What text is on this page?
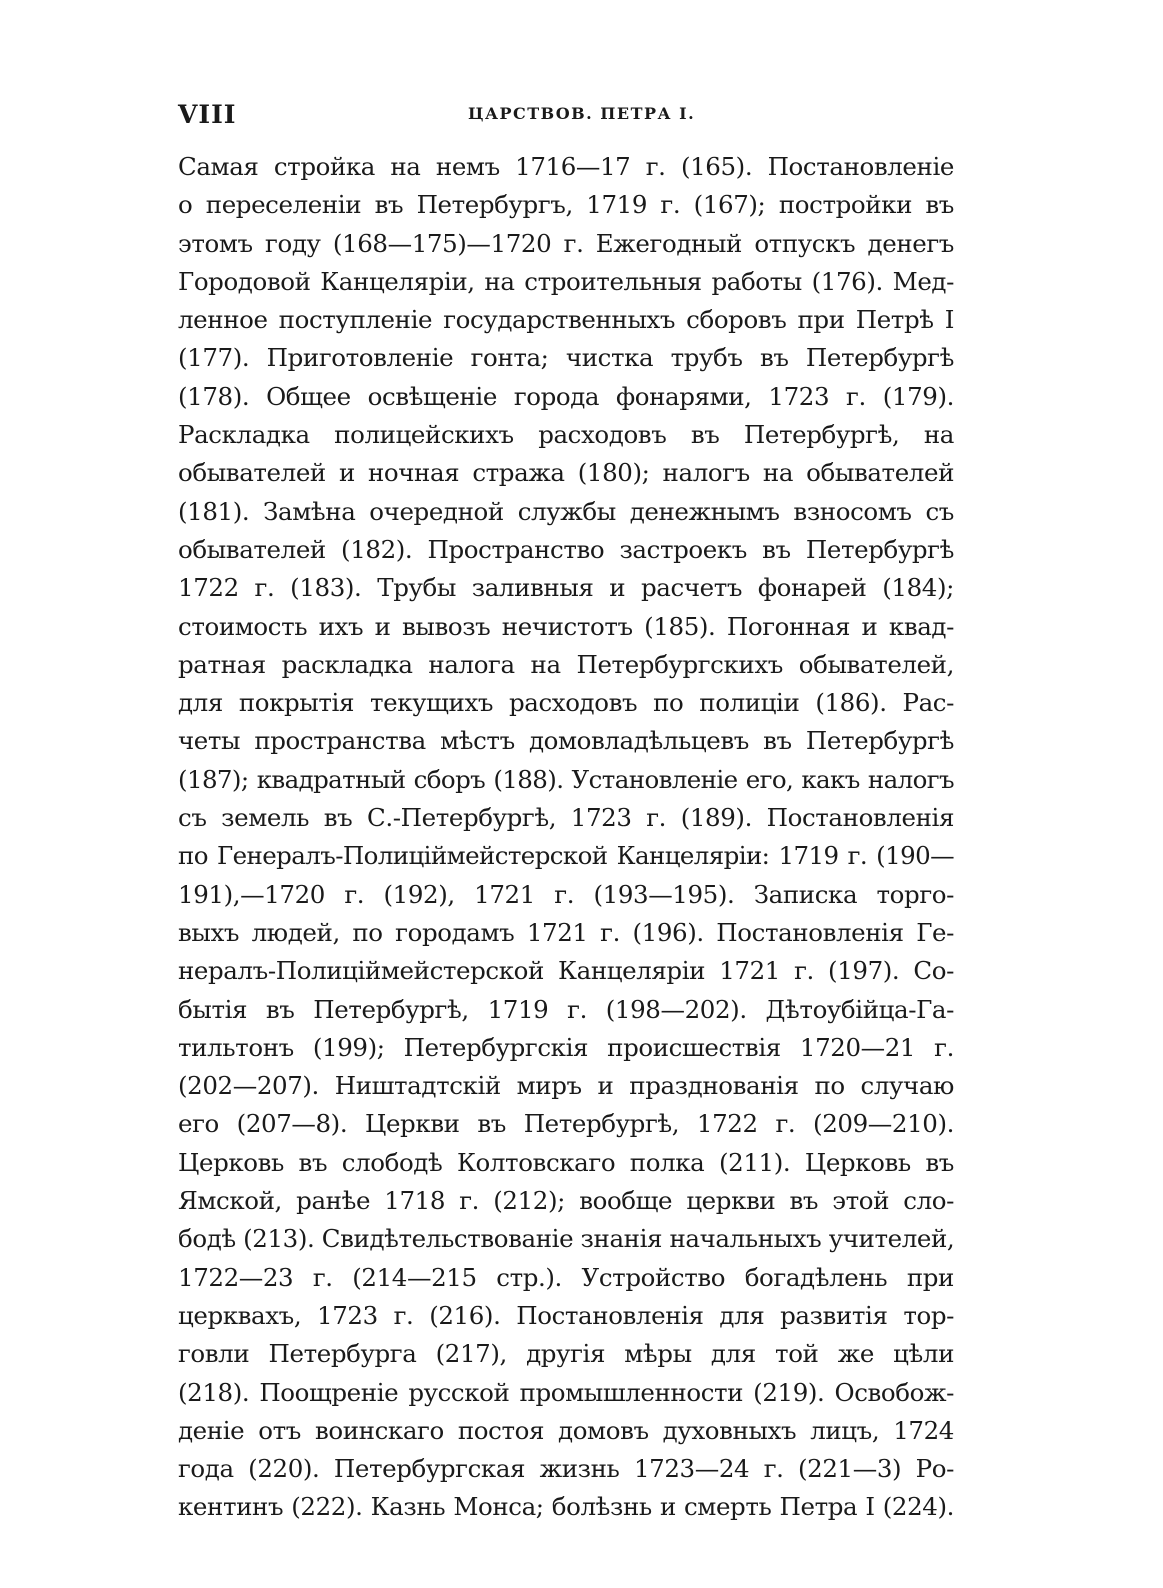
VIII	ЦАРСТВОВ. ПЕТРА I.
Самая стройка на немъ 1716—17 г. (165). Постановленіе
о переселеніи въ Петербургъ, 1719 г. (167); постройки въ
этомъ году (168—175)—1720 г. Ежегодный отпускъ денегъ
Городовой Канцеляріи, на строительныя работы (176). Мед-
ленное поступленіе государственныхъ сборовъ при Петрѣ I
(177). Приготовленіе гонта; чистка трубъ въ Петербургѣ
(178). Общее освѣщеніе города фонарями, 1723 г. (179).
Раскладка полицейскихъ расходовъ въ Петербургѣ, на
обывателей и ночная стража (180); налогъ на обывателей
(181). Замѣна очередной службы денежнымъ взносомъ съ
обывателей (182). Пространство застроекъ въ Петербургѣ
1722 г. (183). Трубы заливныя и расчетъ фонарей (184);
стоимость ихъ и вывозъ нечистотъ (185). Погонная и квад-
ратная раскладка налога на Петербургскихъ обывателей,
для покрытія текущихъ расходовъ по полиціи (186). Рас-
четы пространства мѣстъ домовладѣльцевъ въ Петербургѣ
(187); квадратный сборъ (188). Установленіе его, какъ налогъ
съ земель въ С.-Петербургѣ, 1723 г. (189). Постановленія
по Генералъ-Полиціймейстерской Канцеляріи: 1719 г. (190—
191),—1720 г. (192), 1721 г. (193—195). Записка торго-
выхъ людей, по городамъ 1721 г. (196). Постановленія Ге-
нералъ-Полиціймейстерской Канцеляріи 1721 г. (197). Со-
бытія въ Петербургѣ, 1719 г. (198—202). Дѣтоубійца-Га-
тильтонъ (199); Петербургскія происшествія 1720—21 г.
(202—207). Ништадтскій миръ и празднованія по случаю
его (207—8). Церкви въ Петербургѣ, 1722 г. (209—210).
Церковь въ слободѣ Колтовскаго полка (211). Церковь въ
Ямской, ранѣе 1718 г. (212); вообще церкви въ этой сло-
бодѣ (213). Свидѣтельствованіе знанія начальныхъ учителей,
1722—23 г. (214—215 стр.). Устройство богадѣлень при
церквахъ, 1723 г. (216). Постановленія для развитія тор-
говли Петербурга (217), другія мѣры для той же цѣли
(218). Поощреніе русской промышленности (219). Освобож-
деніе отъ воинскаго постоя домовъ духовныхъ лицъ, 1724
года (220). Петербургская жизнь 1723—24 г. (221—3) Ро-
кентинъ (222). Казнь Монса; болѣзнь и смерть Петра I (224).
